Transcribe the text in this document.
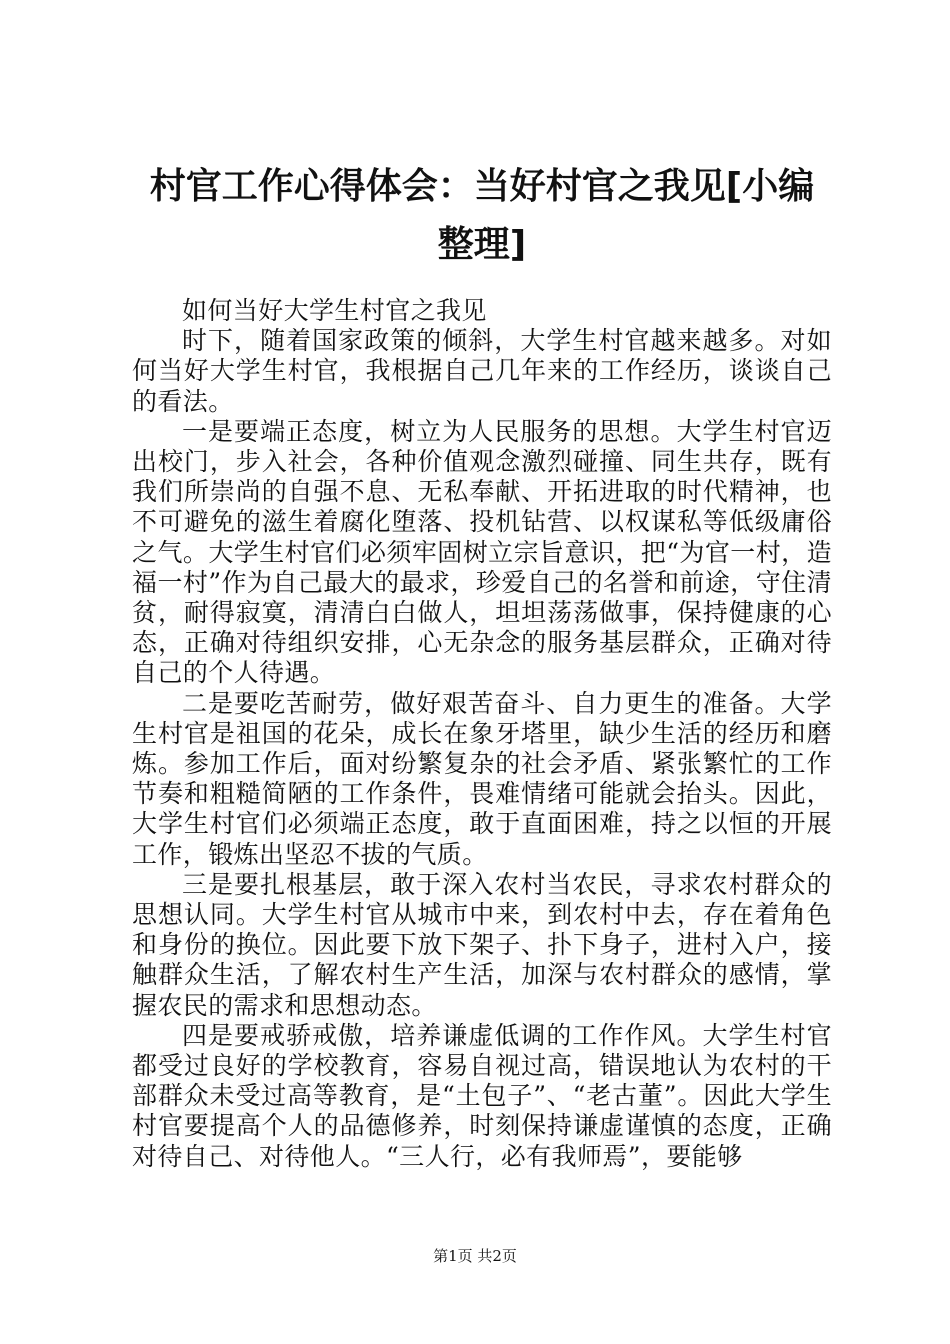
村官工作心得体会：当好村官之我见[小编整理]

如何当好大学生村官之我见

时下，随着国家政策的倾斜，大学生村官越来越多。对如何当好大学生村官，我根据自己几年来的工作经历，谈谈自己的看法。

一是要端正态度，树立为人民服务的思想。大学生村官迈出校门，步入社会，各种价值观念激烈碰撞、同生共存，既有我们所崇尚的自强不息、无私奉献、开拓进取的时代精神，也不可避免的滋生着腐化堕落、投机钻营、以权谋私等低级庸俗之气。大学生村官们必须牢固树立宗旨意识，把“为官一村，造福一村”作为自己最大的最求，珍爱自己的名誉和前途，守住清贫，耐得寂寞，清清白白做人，坦坦荡荡做事，保持健康的心态，正确对待组织安排，心无杂念的服务基层群众，正确对待自己的个人待遇。

二是要吃苦耐劳，做好艰苦奋斗、自力更生的准备。大学生村官是祖国的花朵，成长在象牙塔里，缺少生活的经历和磨炼。参加工作后，面对纷繁复杂的社会矛盾、紧张繁忙的工作节奏和粗糙简陋的工作条件，畏难情绪可能就会抬头。因此，大学生村官们必须端正态度，敢于直面困难，持之以恒的开展工作，锻炼出坚忍不拔的气质。

三是要扎根基层，敢于深入农村当农民，寻求农村群众的思想认同。大学生村官从城市中来，到农村中去，存在着角色和身份的换位。因此要下放下架子、扑下身子，进村入户，接触群众生活，了解农村生产生活，加深与农村群众的感情，掌握农民的需求和思想动态。

四是要戒骄戒傲，培养谦虚低调的工作作风。大学生村官都受过良好的学校教育，容易自视过高，错误地认为农村的干部群众未受过高等教育，是“土包子”、“老古董”。因此大学生村官要提高个人的品德修养，时刻保持谦虚谨慎的态度，正确对待自己、对待他人。“三人行，必有我师焉”，要能够

第1页 共2页
